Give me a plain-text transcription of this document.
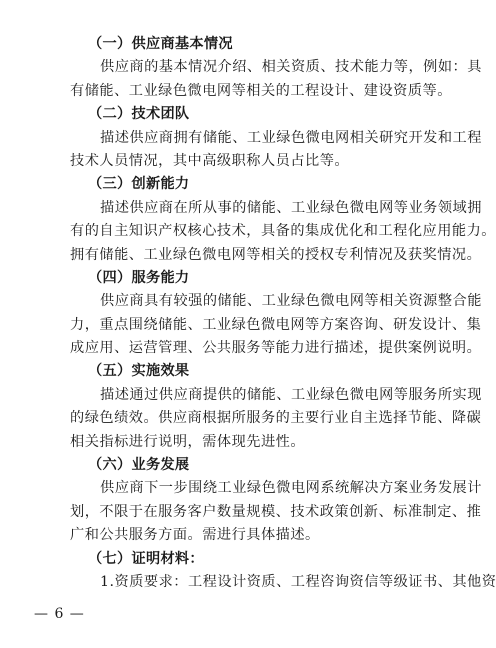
（一）供应商基本情况
供应商的基本情况介绍、相关资质、技术能力等，例如：具
有储能、工业绿色微电网等相关的工程设计、建设资质等。
（二）技术团队
描述供应商拥有储能、工业绿色微电网相关研究开发和工程
技术人员情况，其中高级职称人员占比等。
（三）创新能力
描述供应商在所从事的储能、工业绿色微电网等业务领域拥
有的自主知识产权核心技术，具备的集成优化和工程化应用能力。
拥有储能、工业绿色微电网等相关的授权专利情况及获奖情况。
（四）服务能力
供应商具有较强的储能、工业绿色微电网等相关资源整合能
力，重点围绕储能、工业绿色微电网等方案咨询、研发设计、集
成应用、运营管理、公共服务等能力进行描述，提供案例说明。
（五）实施效果
描述通过供应商提供的储能、工业绿色微电网等服务所实现
的绿色绩效。供应商根据所服务的主要行业自主选择节能、降碳
相关指标进行说明，需体现先进性。
（六）业务发展
供应商下一步围绕工业绿色微电网系统解决方案业务发展计
划，不限于在服务客户数量规模、技术政策创新、标准制定、推
广和公共服务方面。需进行具体描述。
（七）证明材料：
1.资质要求：工程设计资质、工程咨询资信等级证书、其他资
— 6 —
